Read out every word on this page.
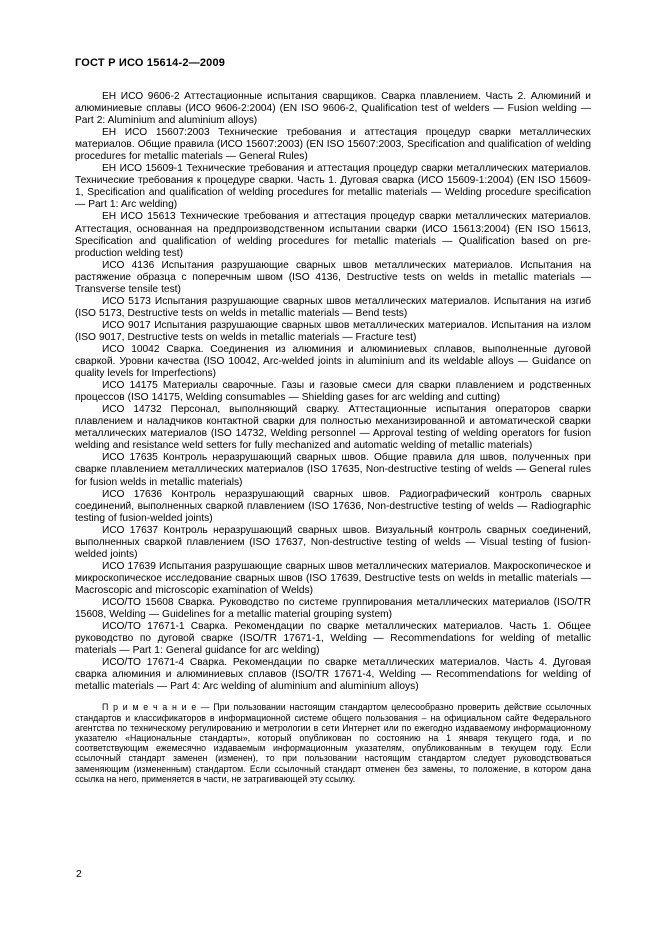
ГОСТ Р ИСО 15614-2—2009

ЕН ИСО 9606-2 Аттестационные испытания сварщиков. Сварка плавлением. Часть 2. Алюминий и алюминиевые сплавы (ИСО 9606-2:2004) (EN ISO 9606-2, Qualification test of welders — Fusion welding — Part 2: Aluminium and aluminium alloys)

ЕН ИСО 15607:2003 Технические требования и аттестация процедур сварки металлических материалов. Общие правила (ИСО 15607:2003) (EN ISO 15607:2003, Specification and qualification of welding procedures for metallic materials — General Rules)

ЕН ИСО 15609-1 Технические требования и аттестация процедур сварки металлических материалов. Технические требования к процедуре сварки. Часть 1. Дуговая сварка (ИСО 15609-1:2004) (EN ISO 15609-1, Specification and qualification of welding procedures for metallic materials — Welding procedure specification — Part 1: Arc welding)

ЕН ИСО 15613 Технические требования и аттестация процедур сварки металлических материалов. Аттестация, основанная на предпроизводственном испытании сварки (ИСО 15613:2004) (EN ISO 15613, Specification and qualification of welding procedures for metallic materials — Qualification based on pre-production welding test)

ИСО 4136 Испытания разрушающие сварных швов металлических материалов. Испытания на растяжение образца с поперечным швом (ISO 4136, Destructive tests on welds in metallic materials — Transverse tensile test)

ИСО 5173 Испытания разрушающие сварных швов металлических материалов. Испытания на изгиб (ISO 5173, Destructive tests on welds in metallic materials — Bend tests)

ИСО 9017 Испытания разрушающие сварных швов металлических материалов. Испытания на излом (ISO 9017, Destructive tests on welds in metallic materials — Fracture test)

ИСО 10042 Сварка. Соединения из алюминия и алюминиевых сплавов, выполненные дуговой сваркой. Уровни качества (ISO 10042, Arc-welded joints in aluminium and its weldable alloys — Guidance on quality levels for Imperfections)

ИСО 14175 Материалы сварочные. Газы и газовые смеси для сварки плавлением и родственных процессов (ISO 14175, Welding consumables — Shielding gases for arc welding and cutting)

ИСО 14732 Персонал, выполняющий сварку. Аттестационные испытания операторов сварки плавлением и наладчиков контактной сварки для полностью механизированной и автоматической сварки металлических материалов (ISO 14732, Welding personnel — Approval testing of welding operators for fusion welding and resistance weld setters for fully mechanized and automatic welding of metallic materials)

ИСО 17635 Контроль неразрушающий сварных швов. Общие правила для швов, полученных при сварке плавлением металлических материалов (ISO 17635, Non-destructive testing of welds — General rules for fusion welds in metallic materials)

ИСО 17636 Контроль неразрушающий сварных швов. Радиографический контроль сварных соединений, выполненных сваркой плавлением (ISO 17636, Non-destructive testing of welds — Radiographic testing of fusion-welded joints)

ИСО 17637 Контроль неразрушающий сварных швов. Визуальный контроль сварных соединений, выполненных сваркой плавлением (ISO 17637, Non-destructive testing of welds — Visual testing of fusion-welded joints)

ИСО 17639 Испытания разрушающие сварных швов металлических материалов. Макроскопическое и микроскопическое исследование сварных швов (ISO 17639, Destructive tests on welds in metallic materials — Macroscopic and microscopic examination of Welds)

ИСО/ТО 15608 Сварка. Руководство по системе группирования металлических материалов (ISO/TR 15608, Welding — Guidelines for a metallic material grouping system)

ИСО/ТО 17671-1 Сварка. Рекомендации по сварке металлических материалов. Часть 1. Общее руководство по дуговой сварке (ISO/TR 17671-1, Welding — Recommendations for welding of metallic materials — Part 1: General guidance for arc welding)

ИСО/ТО 17671-4 Сварка. Рекомендации по сварке металлических материалов. Часть 4. Дуговая сварка алюминия и алюминиевых сплавов (ISO/TR 17671-4, Welding — Recommendations for welding of metallic materials — Part 4: Arc welding of aluminium and aluminium alloys)

П р и м е ч а н и е — При пользовании настоящим стандартом целесообразно проверить действие ссылочных стандартов и классификаторов в информационной системе общего пользования – на официальном сайте Федерального агентства по техническому регулированию и метрологии в сети Интернет или по ежегодно издаваемому информационному указателю «Национальные стандарты», который опубликован по состоянию на 1 января текущего года, и по соответствующим ежемесячно издаваемым информационным указателям, опубликованным в текущем году. Если ссылочный стандарт заменен (изменен), то при пользовании настоящим стандартом следует руководствоваться заменяющим (измененным) стандартом. Если ссылочный стандарт отменен без замены, то положение, в котором дана ссылка на него, применяется в части, не затрагивающей эту ссылку.

2
